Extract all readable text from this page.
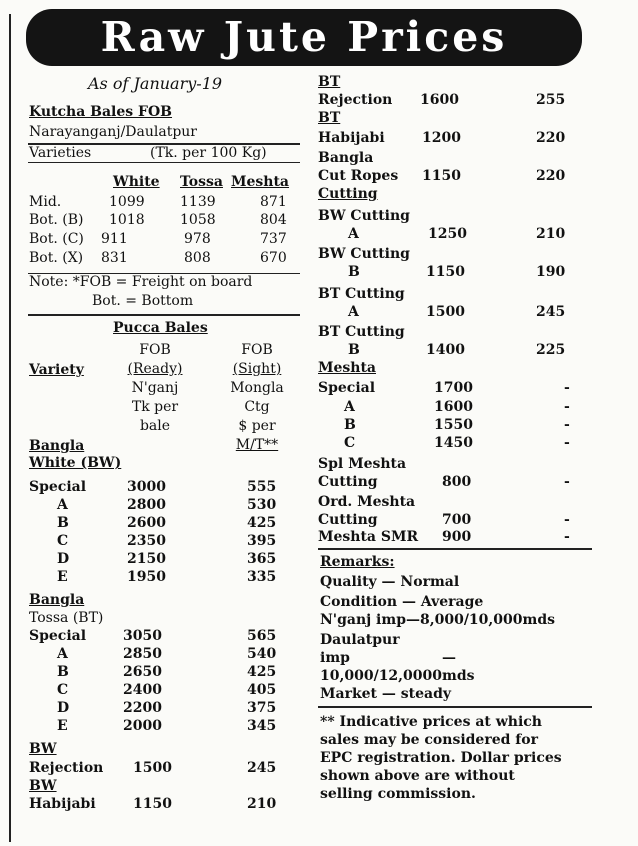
Raw Jute Prices
As of January-19
Kutcha Bales FOB
Narayanganj/Daulatpur
Varieties	(Tk. per 100 Kg)
White Tossa Meshta
Mid.	1099	1139	871
Bot. (B) 1018	1058	804
Bot. (C) 911	978	737
Bot. (X) 831	808	670
Note: *FOB = Freight on board
Bot. = Bottom
Pucca Bales
Variety
FOB
(Ready)
N'ganj
Tk per
bale
FOB
(Sight)
Mongla
Ctg
$ per
M/T**
Bangla
White (BW)
Special	3000	555
A	2800	530
B	2600	425
C	2350	395
D	2150	365
E	1950	335
Bangla
Tossa (BT)
Special	3050	565
A	2850	540
B	2650	425
C	2400	405
D	2200	375
E	2000	345
BW
Rejection 1500	245
BW
Habijabi	1150	210
BT
Rejection 1600	255
BT
Habijabi	1200	220
Bangla
Cut Ropes 1150	220
Cutting
BW Cutting
A	1250	210
BW Cutting
B	1150	190
BT Cutting
A	1500	245
BT Cutting
B	1400	225
Meshta
Special	1700	-
A	1600	-
B	1550	-
C	1450	-
Spl Meshta
Cutting	800	-
Ord. Meshta
Cutting	700	-
Meshta SMR 900	-
Remarks:
Quality — Normal
Condition — Average
N'ganj imp—8,000/10,000mds
Daulatpur
imp	—
10,000/12,0000mds
Market — steady
** Indicative prices at which
sales may be considered for
EPC registration. Dollar prices
shown above are without
selling commission.
